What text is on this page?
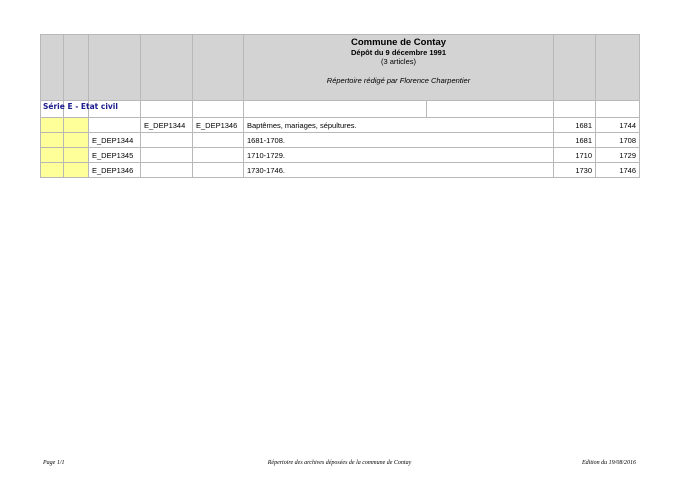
					Commune de Contay
Dépôt du 9 décembre 1991
(3 articles)
Répertoire rédigé par Florence Charpentier			

Série E - Etat civil								

			E_DEP1344	E_DEP1346	Baptêmes, mariages, sépultures.		1681	1744
		E_DEP1344			1681-1708.		1681	1708
		E_DEP1345			1710-1729.		1710	1729
		E_DEP1346			1730-1746.		1730	1746
Page 1/1	Répertoire des archives déposées de la commune de Contay	Edition du 19/08/2016
